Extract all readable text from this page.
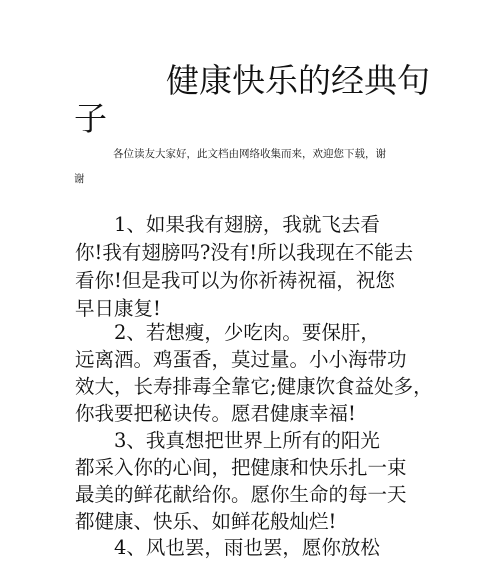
健康快乐的经典句
子
各位读友大家好，此文档由网络收集而来，欢迎您下载，谢
谢
　　1、如果我有翅膀，我就飞去看
你!我有翅膀吗?没有!所以我现在不能去
看你!但是我可以为你祈祷祝福，祝您
早日康复!
　　2、若想瘦，少吃肉。要保肝，
远离酒。鸡蛋香，莫过量。小小海带功
效大，长寿排毒全靠它;健康饮食益处多，
你我要把秘诀传。愿君健康幸福!
　　3、我真想把世界上所有的阳光
都采入你的心间，把健康和快乐扎一束
最美的鲜花献给你。愿你生命的每一天
都健康、快乐、如鲜花般灿烂!
　　4、风也罢，雨也罢，愿你放松
